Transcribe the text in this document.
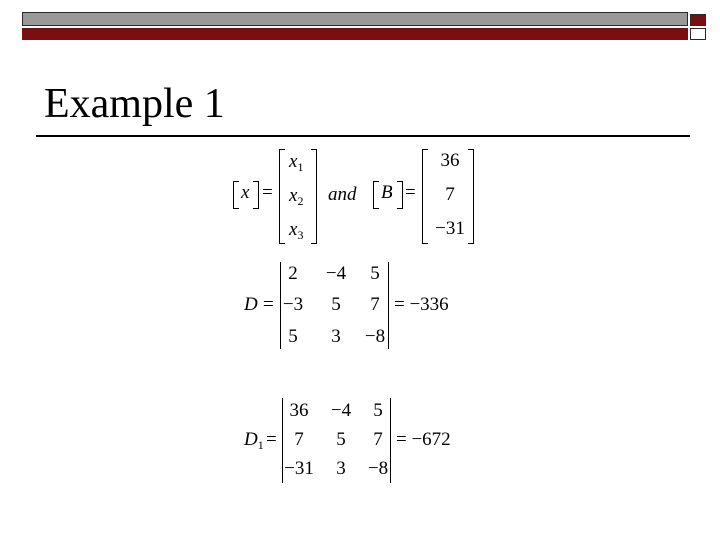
Example 1
x =
$x_1$
$x_2$
$x_3$
and B =
36
7
−31
D =
2	−4	5
−3	5	7
5	3	−8
= −336
$D_1$ =
36	−4	5
7	5	7
−31	3	−8
= −672
